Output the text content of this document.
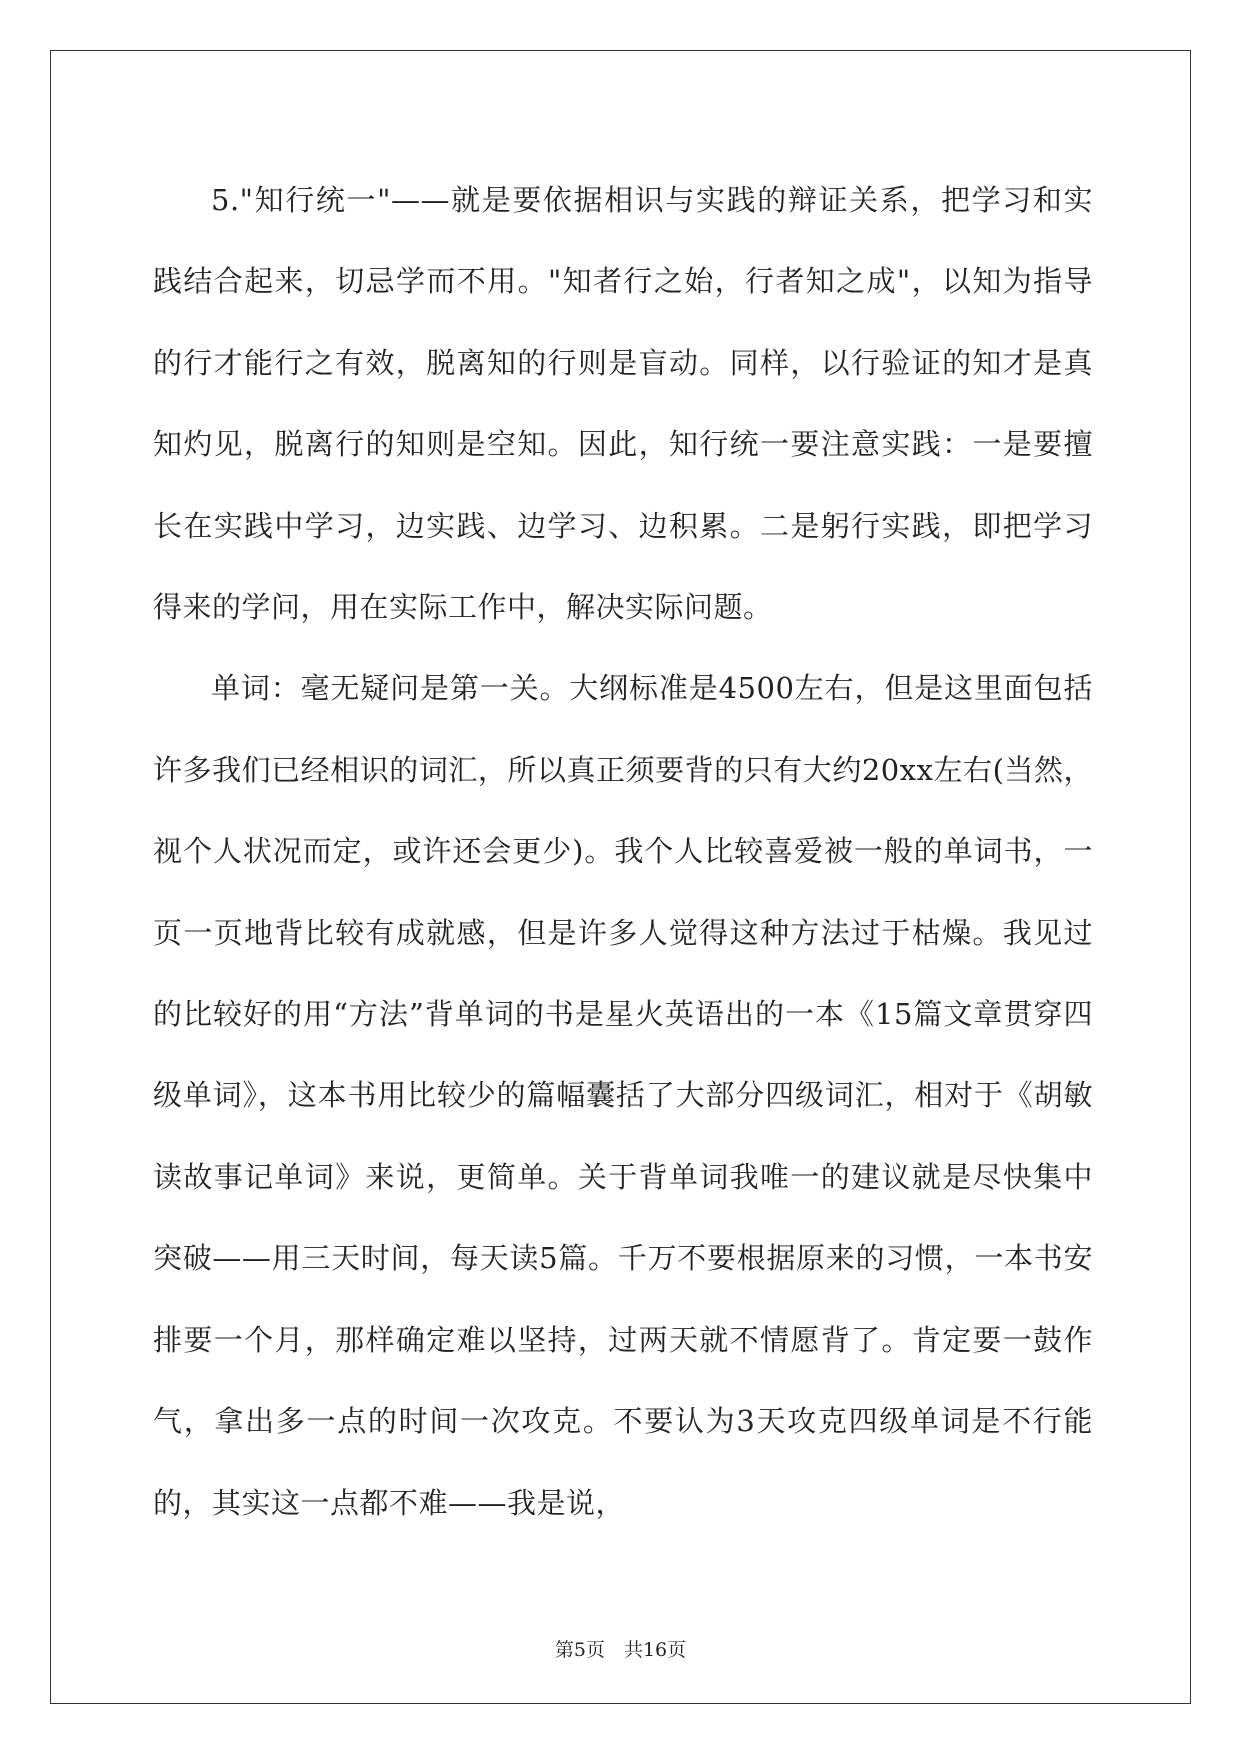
5."知行统一"——就是要依据相识与实践的辩证关系，把学习和实践结合起来，切忌学而不用。"知者行之始，行者知之成"，以知为指导的行才能行之有效，脱离知的行则是盲动。同样，以行验证的知才是真知灼见，脱离行的知则是空知。因此，知行统一要注意实践：一是要擅长在实践中学习，边实践、边学习、边积累。二是躬行实践，即把学习得来的学问，用在实际工作中，解决实际问题。

单词：毫无疑问是第一关。大纲标准是4500左右，但是这里面包括许多我们已经相识的词汇，所以真正须要背的只有大约20xx左右(当然，视个人状况而定，或许还会更少)。我个人比较喜爱被一般的单词书，一页一页地背比较有成就感，但是许多人觉得这种方法过于枯燥。我见过的比较好的用“方法”背单词的书是星火英语出的一本《15篇文章贯穿四级单词》，这本书用比较少的篇幅囊括了大部分四级词汇，相对于《胡敏读故事记单词》来说，更简单。关于背单词我唯一的建议就是尽快集中突破——用三天时间，每天读5篇。千万不要根据原来的习惯，一本书安排要一个月，那样确定难以坚持，过两天就不情愿背了。肯定要一鼓作气，拿出多一点的时间一次攻克。不要认为3天攻克四级单词是不行能的，其实这一点都不难——我是说，

第5页　共16页
